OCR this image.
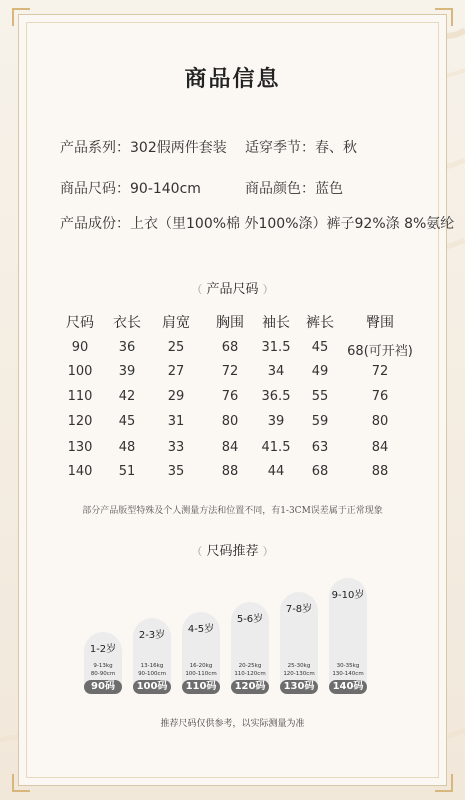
商品信息
产品系列：302假两件套装 适穿季节：春、秋
商品尺码：90-140cm	商品颜色：蓝色
产品成份：上衣（里100%棉 外100%涤）裤子92%涤 8%氨纶
（ 产品尺码 ）
尺码	衣长	肩宽	胸围	袖长	裤长	臀围
90	36	25	68	31.5	45	68(可开裆)
100	39	27	72	34	49	72
110	42	29	76	36.5	55	76
120	45	31	80	39	59	80
130	48	33	84	41.5	63	84
140	51	35	88	44	68	88
部分产品版型特殊及个人测量方法和位置不同，有1-3CM误差属于正常现象
（ 尺码推荐 ）
1-2岁
9-13kg
80-90cm
90码
2-3岁
13-16kg
90-100cm
100码
4-5岁
16-20kg
100-110cm
110码
5-6岁
20-25kg
110-120cm
120码
7-8岁
25-30kg
120-130cm
130码
9-10岁
30-35kg
130-140cm
140码
推荐尺码仅供参考，以实际测量为准
